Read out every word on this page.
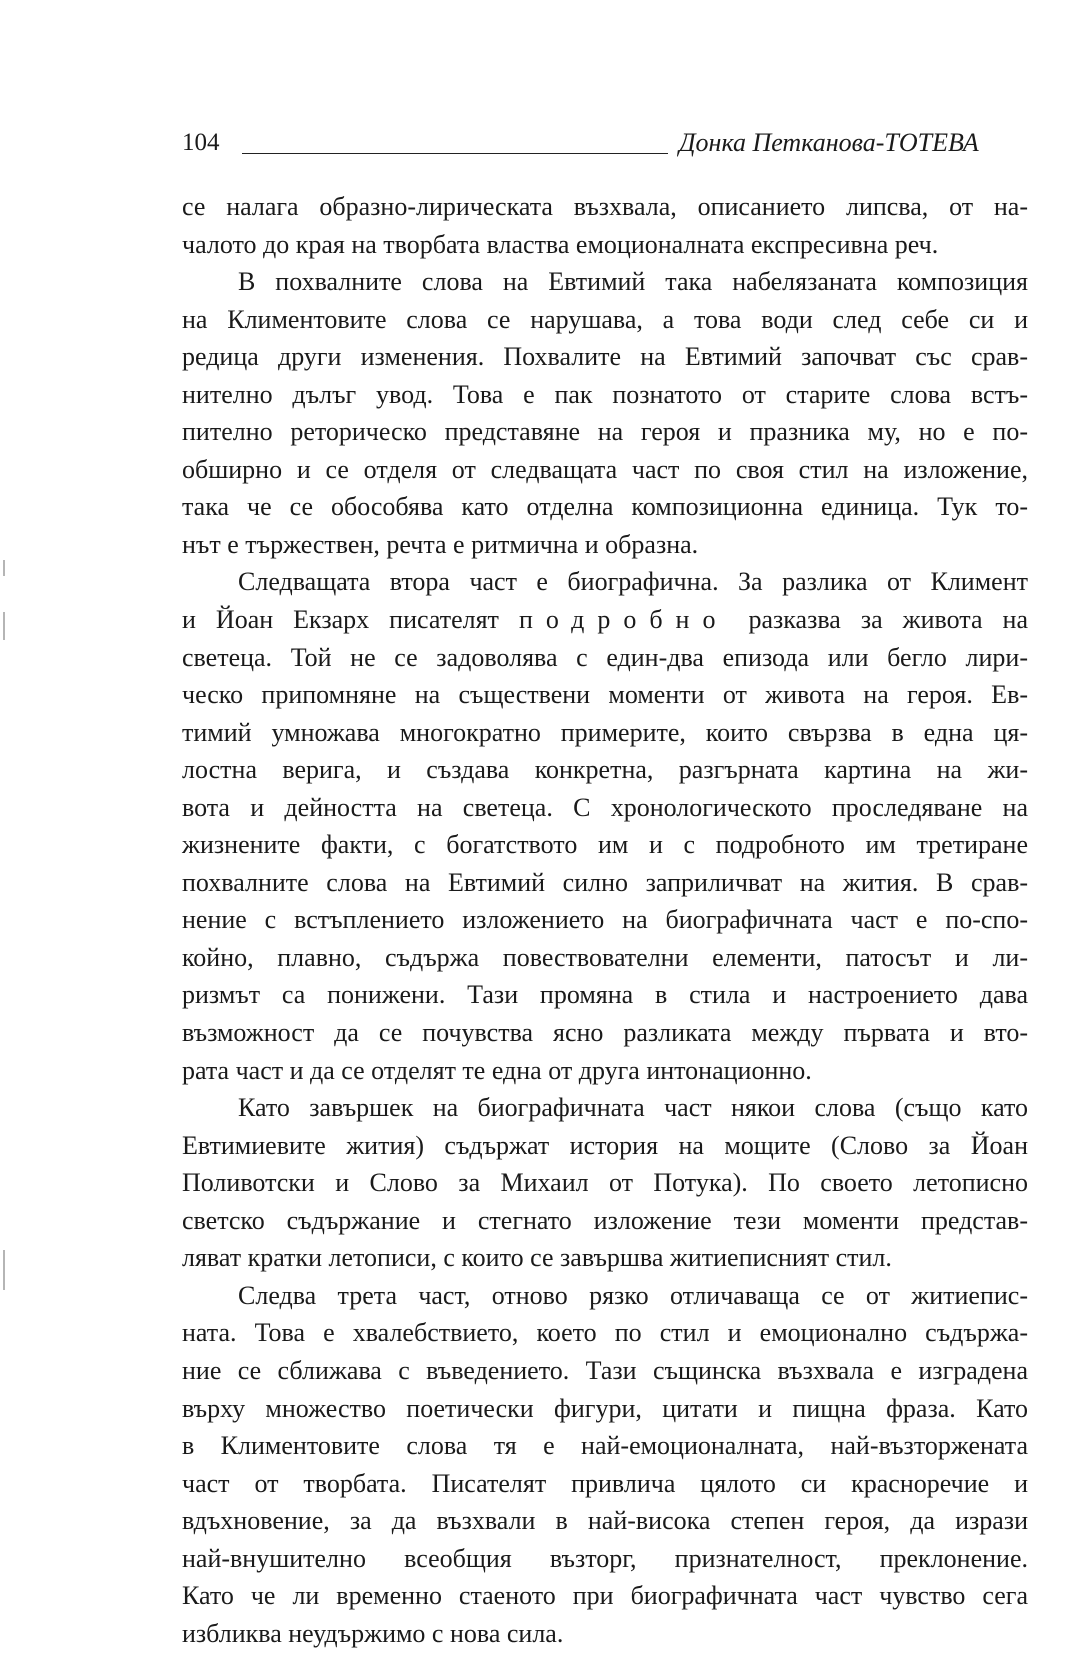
104	Донка Петканова-ТОТЕВА
се налага образно-лирическата възхвала, описанието липсва, от на-
чалото до края на творбата властва емоционалната експресивна реч.
В похвалните слова на Евтимий така набелязаната композиция
на Климентовите слова се нарушава, а това води след себе си и
редица други изменения. Похвалите на Евтимий започват със срав-
нително дълъг увод. Това е пак познатото от старите слова встъ-
пително реторическо представяне на героя и празника му, но е по-
обширно и се отделя от следващата част по своя стил на изложение,
така че се обособява като отделна композиционна единица. Тук то-
нът е тържествен, речта е ритмична и образна.
Следващата втора част е биографична. За разлика от Климент
и Йоан Екзарх писателят подробно разказва за живота на
светеца. Той не се задоволява с един-два епизода или бегло лири-
ческо припомняне на съществени моменти от живота на героя. Ев-
тимий умножава многократно примерите, които свързва в една ця-
лостна верига, и създава конкретна, разгърната картина на жи-
вота и дейността на светеца. С хронологическото проследяване на
жизнените факти, с богатството им и с подробното им третиране
похвалните слова на Евтимий силно заприличват на жития. В срав-
нение с встъплението изложението на биографичната част е по-спо-
койно, плавно, съдържа повествователни елементи, патосът и ли-
ризмът са понижени. Тази промяна в стила и настроението дава
възможност да се почувства ясно разликата между първата и вто-
рата част и да се отделят те една от друга интонационно.
Като завършек на биографичната част някои слова (също като
Евтимиевите жития) съдържат история на мощите (Слово за Йоан
Поливотски и Слово за Михаил от Потука). По своето летописно
светско съдържание и стегнато изложение тези моменти представ-
ляват кратки летописи, с които се завършва житиеписният стил.
Следва трета част, отново рязко отличаваща се от житиепис-
ната. Това е хвалебствието, което по стил и емоционално съдържа-
ние се сближава с въведението. Тази същинска възхвала е изградена
върху множество поетически фигури, цитати и пищна фраза. Като
в Климентовите слова тя е най-емоционалната, най-възторжената
част от творбата. Писателят привлича цялото си красноречие и
вдъхновение, за да възхвали в най-висока степен героя, да изрази
най-внушително всеобщия възторг, признателност, преклонение.
Като че ли временно стаеното при биографичната част чувство сега
избликва неудържимо с нова сила.
